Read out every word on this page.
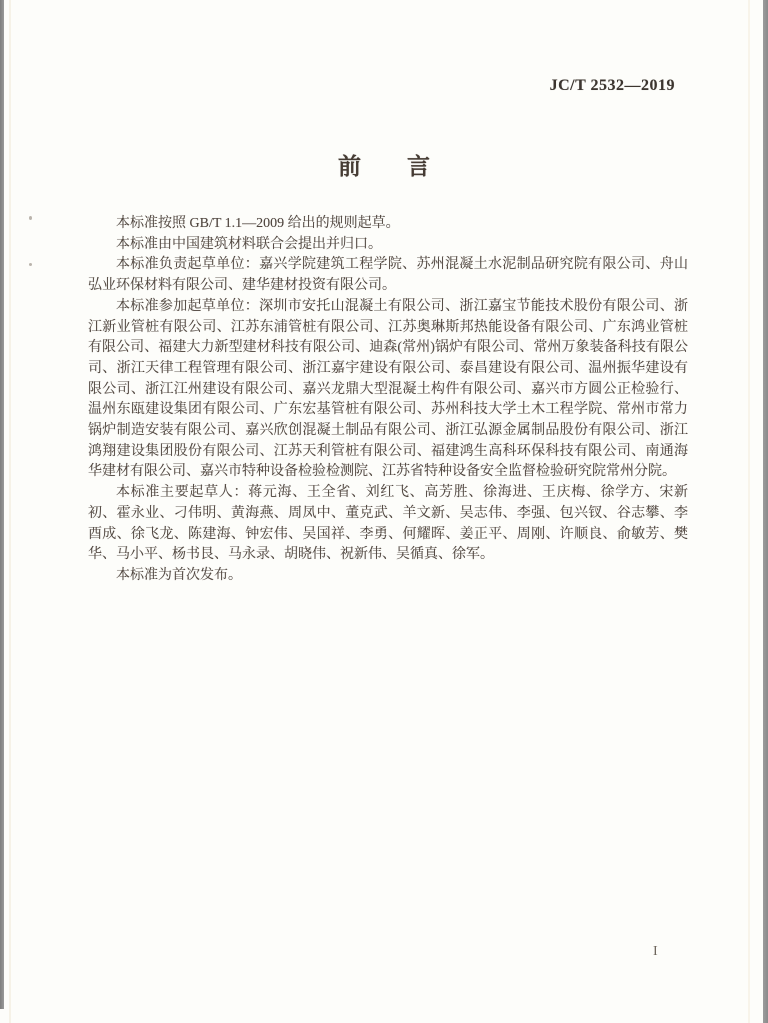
JC/T 2532—2019
前　　言

本标准按照 GB/T 1.1—2009 给出的规则起草。

本标准由中国建筑材料联合会提出并归口。

本标准负责起草单位：嘉兴学院建筑工程学院、苏州混凝土水泥制品研究院有限公司、舟山弘业环保材料有限公司、建华建材投资有限公司。

本标准参加起草单位：深圳市安托山混凝土有限公司、浙江嘉宝节能技术股份有限公司、浙江新业管桩有限公司、江苏东浦管桩有限公司、江苏奥琳斯邦热能设备有限公司、广东鸿业管桩有限公司、福建大力新型建材科技有限公司、迪森(常州)锅炉有限公司、常州万象装备科技有限公司、浙江天律工程管理有限公司、浙江嘉宇建设有限公司、泰昌建设有限公司、温州振华建设有限公司、浙江江州建设有限公司、嘉兴龙鼎大型混凝土构件有限公司、嘉兴市方圆公正检验行、温州东瓯建设集团有限公司、广东宏基管桩有限公司、苏州科技大学土木工程学院、常州市常力锅炉制造安装有限公司、嘉兴欣创混凝土制品有限公司、浙江弘源金属制品股份有限公司、浙江鸿翔建设集团股份有限公司、江苏天利管桩有限公司、福建鸿生高科环保科技有限公司、南通海华建材有限公司、嘉兴市特种设备检验检测院、江苏省特种设备安全监督检验研究院常州分院。

本标准主要起草人：蒋元海、王全省、刘红飞、高芳胜、徐海进、王庆梅、徐学方、宋新初、霍永业、刁伟明、黄海燕、周凤中、董克武、羊文新、吴志伟、李强、包兴钗、谷志攀、李酉成、徐飞龙、陈建海、钟宏伟、吴国祥、李勇、何耀晖、姜正平、周刚、许顺良、俞敏芳、樊华、马小平、杨书艮、马永录、胡晓伟、祝新伟、吴循真、徐军。

本标准为首次发布。

I
